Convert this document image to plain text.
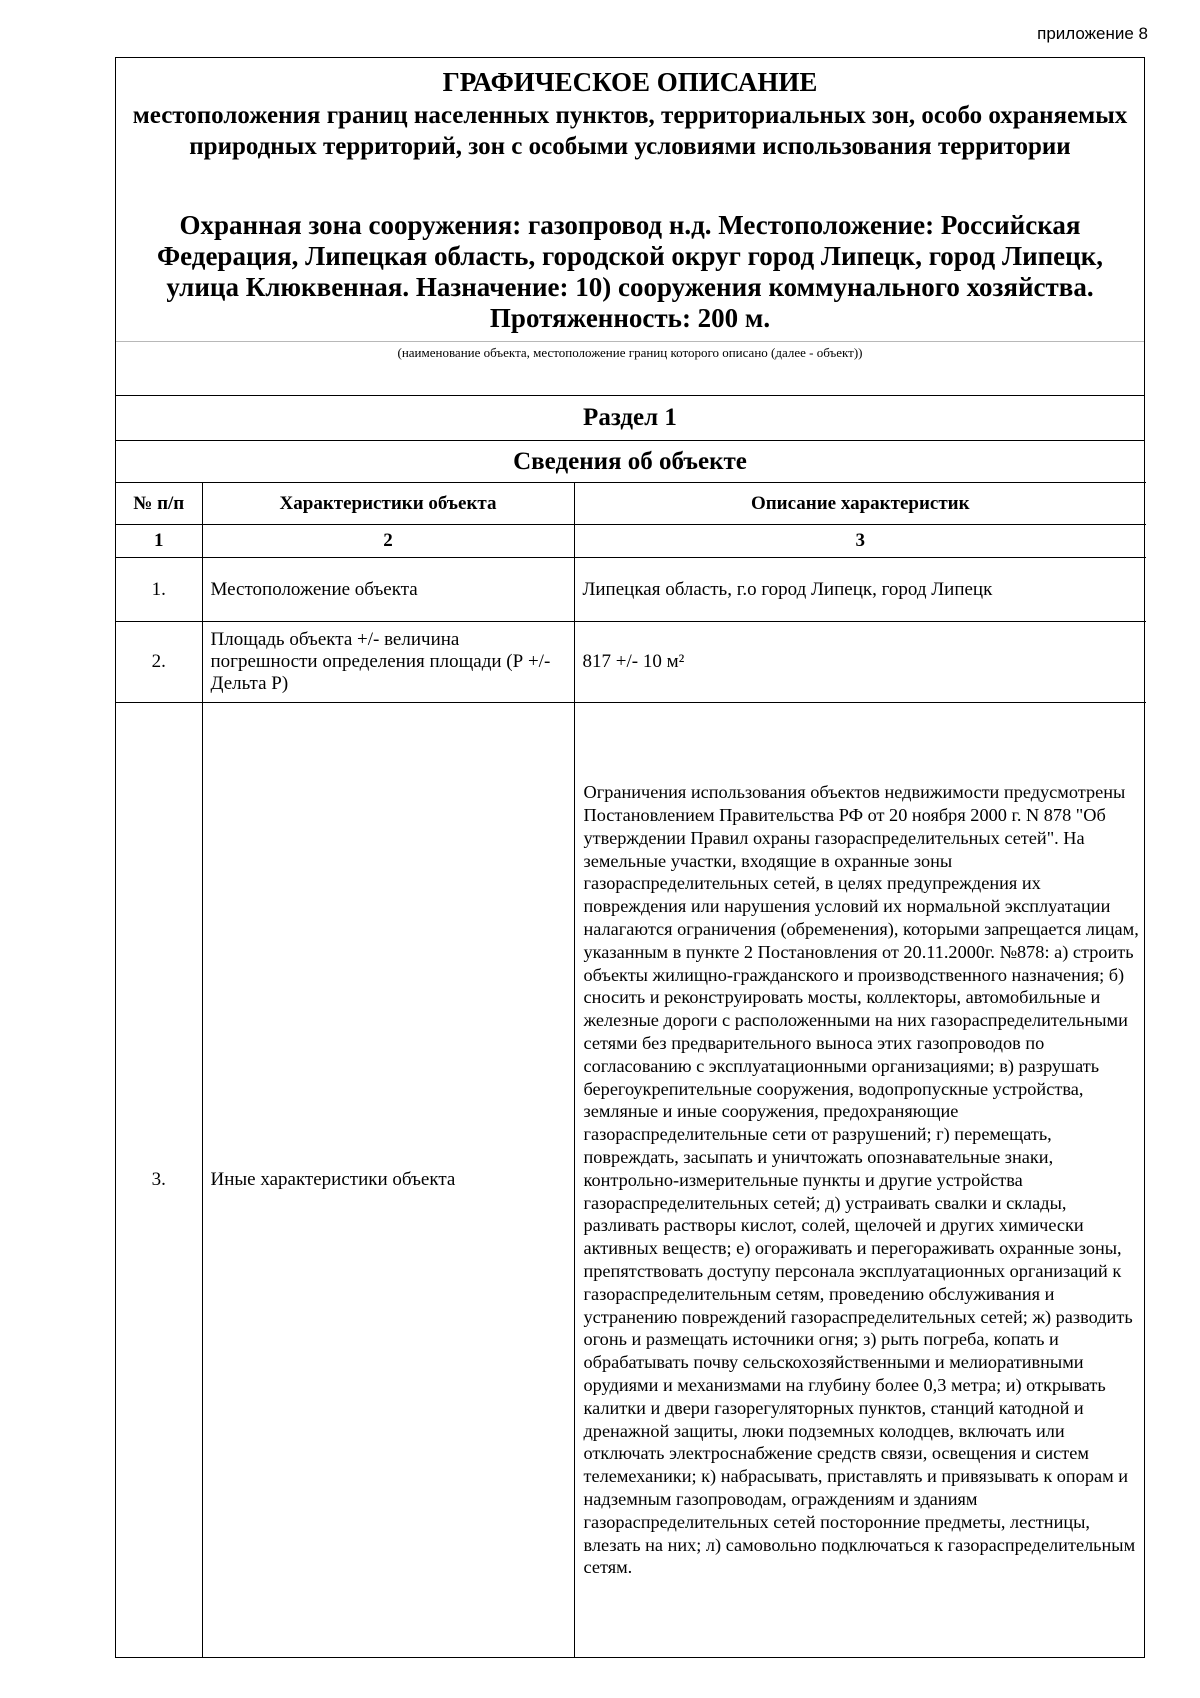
приложение 8
ГРАФИЧЕСКОЕ ОПИСАНИЕ
местоположения границ населенных пунктов, территориальных зон, особо охраняемых природных территорий, зон с особыми условиями использования территории
Охранная зона сооружения: газопровод н.д. Местоположение: Российская Федерация, Липецкая область, городской округ город Липецк, город Липецк, улица Клюквенная. Назначение: 10) сооружения коммунального хозяйства. Протяженность: 200 м.
(наименование объекта, местоположение границ которого описано (далее - объект))
Раздел 1
Сведения об объекте
№ п/п	Характеристики объекта	Описание характеристик
1	2	3
1.	Местоположение объекта	Липецкая область, г.о город Липецк, город Липецк
2.	Площадь объекта +/- величина погрешности определения площади (Р +/- Дельта Р)	817 +/- 10 м²
3.	Иные характеристики объекта	Ограничения использования объектов недвижимости предусмотрены Постановлением Правительства РФ от 20 ноября 2000 г. N 878 "Об утверждении Правил охраны газораспределительных сетей". На земельные участки, входящие в охранные зоны газораспределительных сетей, в целях предупреждения их повреждения или нарушения условий их нормальной эксплуатации налагаются ограничения (обременения), которыми запрещается лицам, указанным в пункте 2 Постановления от 20.11.2000г. №878: а) строить объекты жилищно-гражданского и производственного назначения; б) сносить и реконструировать мосты, коллекторы, автомобильные и железные дороги с расположенными на них газораспределительными сетями без предварительного выноса этих газопроводов по согласованию с эксплуатационными организациями; в) разрушать берегоукрепительные сооружения, водопропускные устройства, земляные и иные сооружения, предохраняющие газораспределительные сети от разрушений; г) перемещать, повреждать, засыпать и уничтожать опознавательные знаки, контрольно-измерительные пункты и другие устройства газораспределительных сетей; д) устраивать свалки и склады, разливать растворы кислот, солей, щелочей и других химически активных веществ; е) огораживать и перегораживать охранные зоны, препятствовать доступу персонала эксплуатационных организаций к газораспределительным сетям, проведению обслуживания и устранению повреждений газораспределительных сетей; ж) разводить огонь и размещать источники огня; з) рыть погреба, копать и обрабатывать почву сельскохозяйственными и мелиоративными орудиями и механизмами на глубину более 0,3 метра; и) открывать калитки и двери газорегуляторных пунктов, станций катодной и дренажной защиты, люки подземных колодцев, включать или отключать электроснабжение средств связи, освещения и систем телемеханики; к) набрасывать, приставлять и привязывать к опорам и надземным газопроводам, ограждениям и зданиям газораспределительных сетей посторонние предметы, лестницы, влезать на них; л) самовольно подключаться к газораспределительным сетям.
